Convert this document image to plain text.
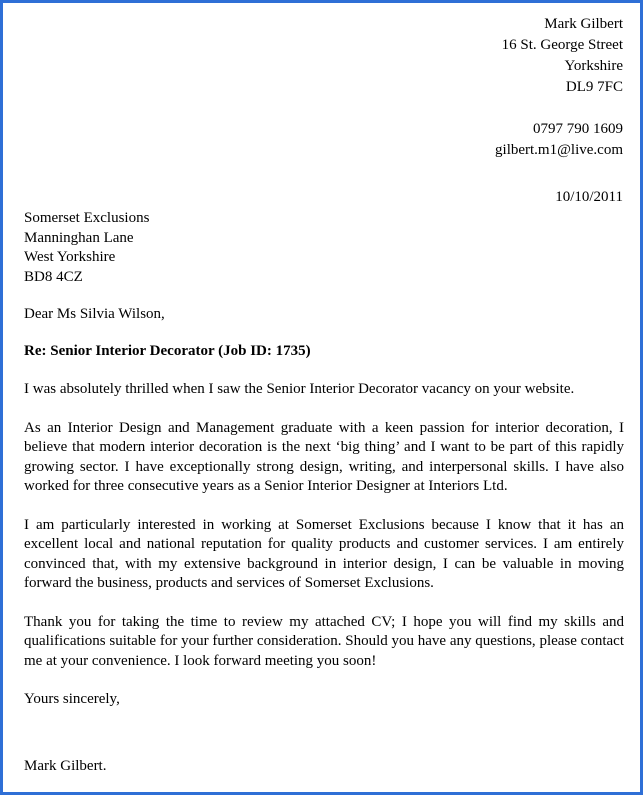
Mark Gilbert
16 St. George Street
Yorkshire
DL9 7FC
0797 790 1609
gilbert.m1@live.com
10/10/2011
Somerset Exclusions
Manninghan Lane
West Yorkshire
BD8 4CZ
Dear Ms Silvia Wilson,
Re: Senior Interior Decorator (Job ID: 1735)
I was absolutely thrilled when I saw the Senior Interior Decorator vacancy on your website.
As an Interior Design and Management graduate with a keen passion for interior decoration, I believe that modern interior decoration is the next ‘big thing’ and I want to be part of this rapidly growing sector. I have exceptionally strong design, writing, and interpersonal skills. I have also worked for three consecutive years as a Senior Interior Designer at Interiors Ltd.
I am particularly interested in working at Somerset Exclusions because I know that it has an excellent local and national reputation for quality products and customer services. I am entirely convinced that, with my extensive background in interior design, I can be valuable in moving forward the business, products and services of Somerset Exclusions.
Thank you for taking the time to review my attached CV; I hope you will find my skills and qualifications suitable for your further consideration. Should you have any questions, please contact me at your convenience. I look forward meeting you soon!
Yours sincerely,
Mark Gilbert.
